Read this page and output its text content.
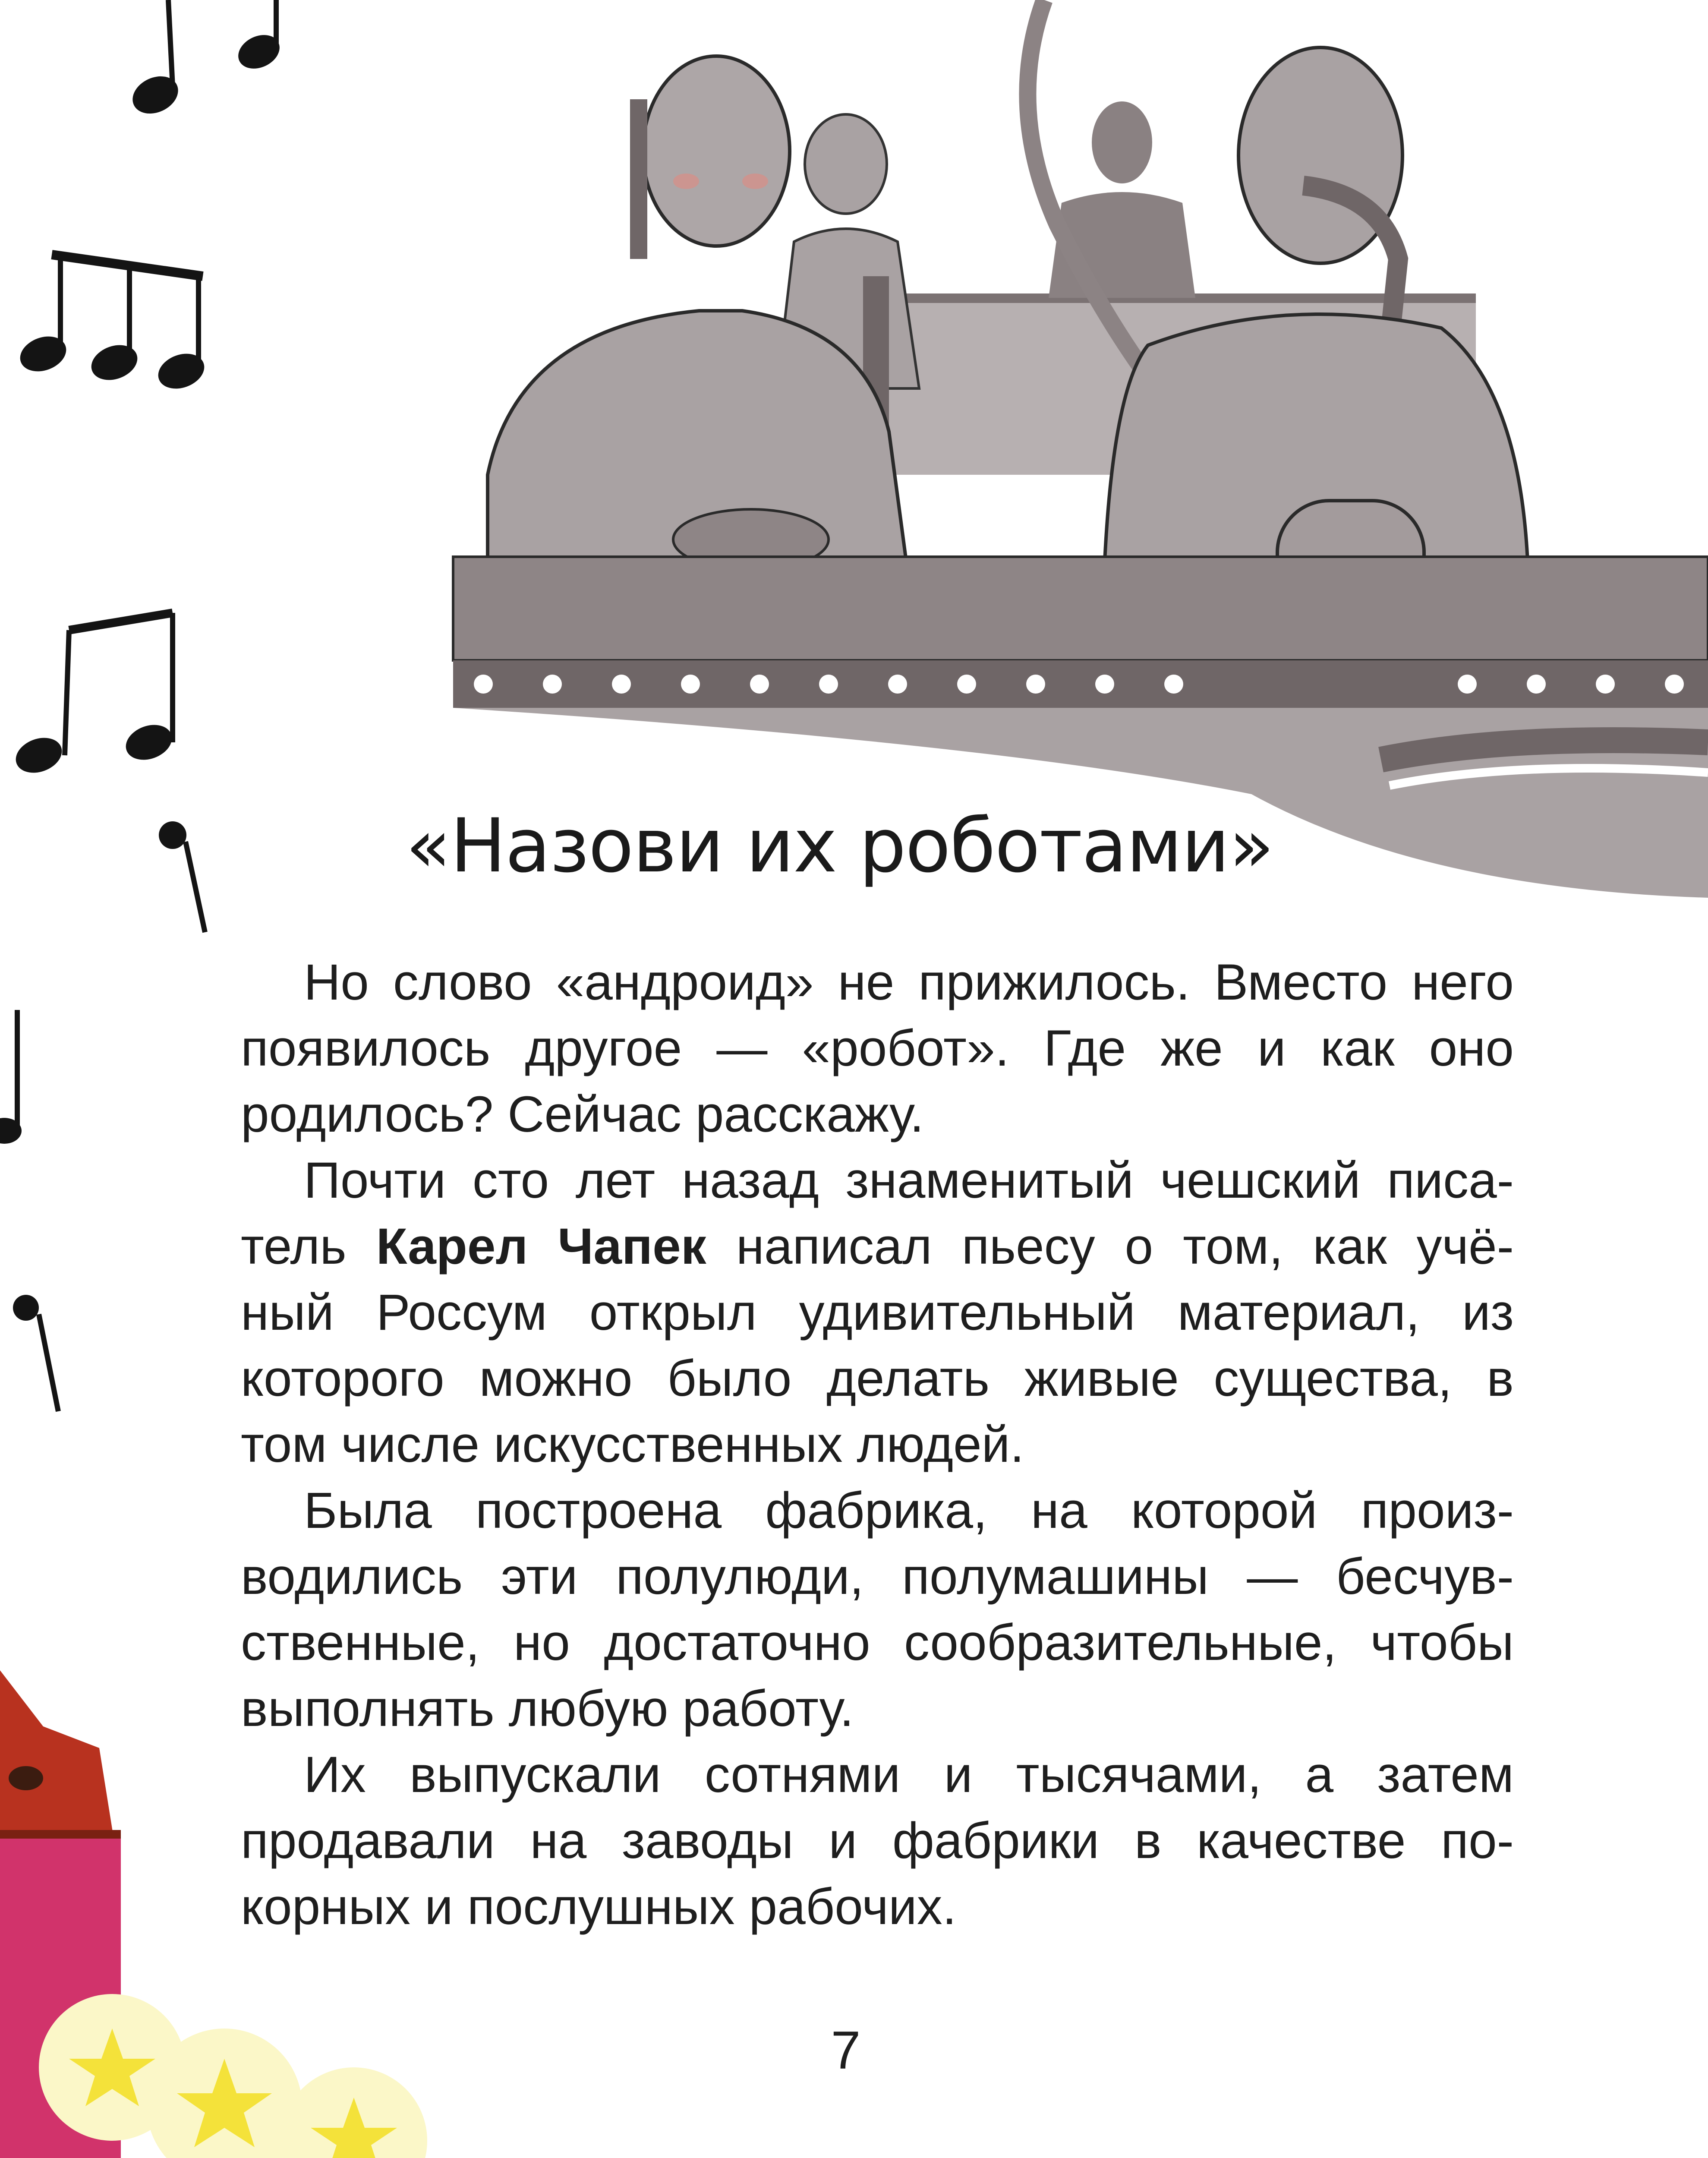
«Назови их роботами»
Но слово «андроид» не прижилось. Вместо него
появилось другое — «робот». Где же и как оно
родилось? Сейчас расскажу.
Почти сто лет назад знаменитый чешский писа-
тель Карел Чапек написал пьесу о том, как учё-
ный Россум открыл удивительный материал, из
которого можно было делать живые существа, в
том числе искусственных людей.
Была построена фабрика, на которой произ-
водились эти полулюди, полумашины — бесчув-
ственные, но достаточно сообразительные, чтобы
выполнять любую работу.
Их выпускали сотнями и тысячами, а затем
продавали на заводы и фабрики в качестве по-
корных и послушных рабочих.
7
